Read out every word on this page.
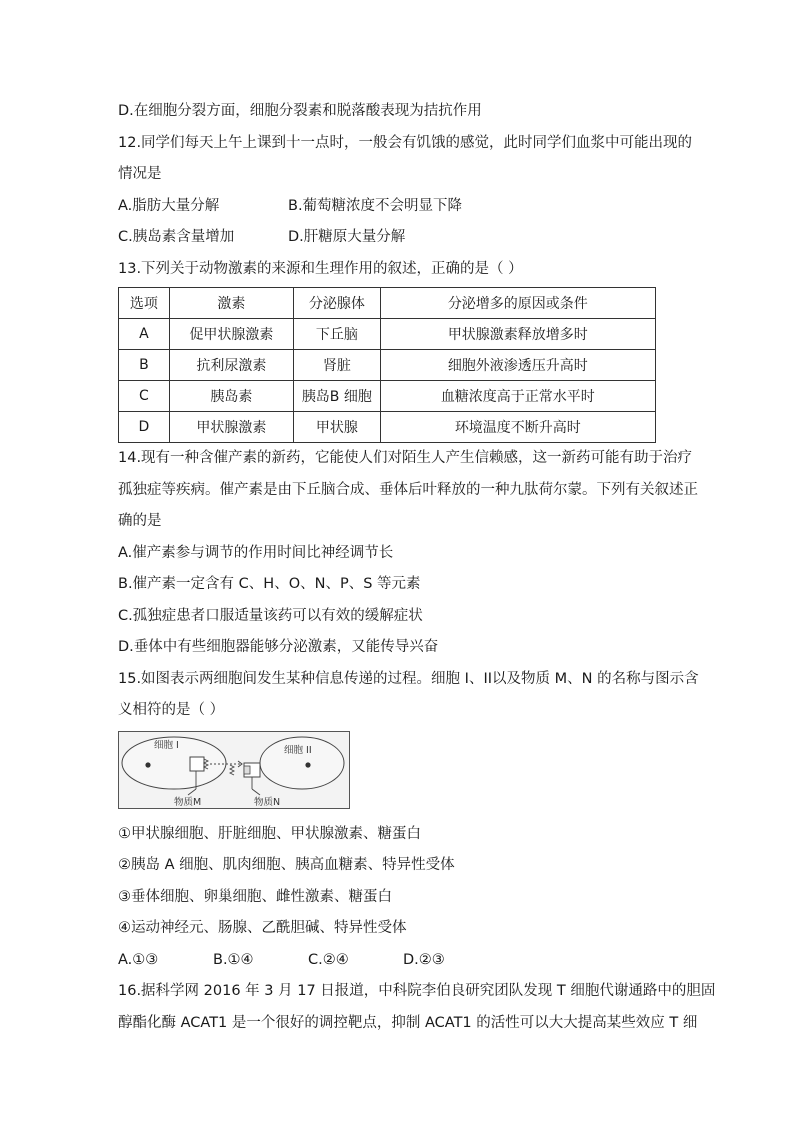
D.在细胞分裂方面，细胞分裂素和脱落酸表现为拮抗作用

12.同学们每天上午上课到十一点时，一般会有饥饿的感觉，此时同学们血浆中可能出现的

情况是

A.脂肪大量分解	B.葡萄糖浓度不会明显下降
C.胰岛素含量增加	D.肝糖原大量分解

13.下列关于动物激素的来源和生理作用的叙述，正确的是（ ）

选项	激素	分泌腺体	分泌增多的原因或条件
A	促甲状腺激素	下丘脑	甲状腺激素释放增多时
B	抗利尿激素	肾脏	细胞外液渗透压升高时
C	胰岛素	胰岛B 细胞	血糖浓度高于正常水平时
D	甲状腺激素	甲状腺	环境温度不断升高时

14.现有一种含催产素的新药，它能使人们对陌生人产生信赖感，这一新药可能有助于治疗

孤独症等疾病。催产素是由下丘脑合成、垂体后叶释放的一种九肽荷尔蒙。下列有关叙述正

确的是

A.催产素参与调节的作用时间比神经调节长

B.催产素一定含有 C、H、O、N、P、S 等元素

C.孤独症患者口服适量该药可以有效的缓解症状

D.垂体中有些细胞器能够分泌激素，又能传导兴奋

15.如图表示两细胞间发生某种信息传递的过程。细胞 I、II以及物质 M、N 的名称与图示含

义相符的是（ ）

细胞 I	细胞 II
物质M	物质N

①甲状腺细胞、肝脏细胞、甲状腺激素、糖蛋白

②胰岛 A 细胞、肌肉细胞、胰高血糖素、特异性受体

③垂体细胞、卵巢细胞、雌性激素、糖蛋白

④运动神经元、肠腺、乙酰胆碱、特异性受体

A.①③	B.①④	C.②④	D.②③

16.据科学网 2016 年 3 月 17 日报道，中科院李伯良研究团队发现 T 细胞代谢通路中的胆固

醇酯化酶 ACAT1 是一个很好的调控靶点，抑制 ACAT1 的活性可以大大提高某些效应 T 细
